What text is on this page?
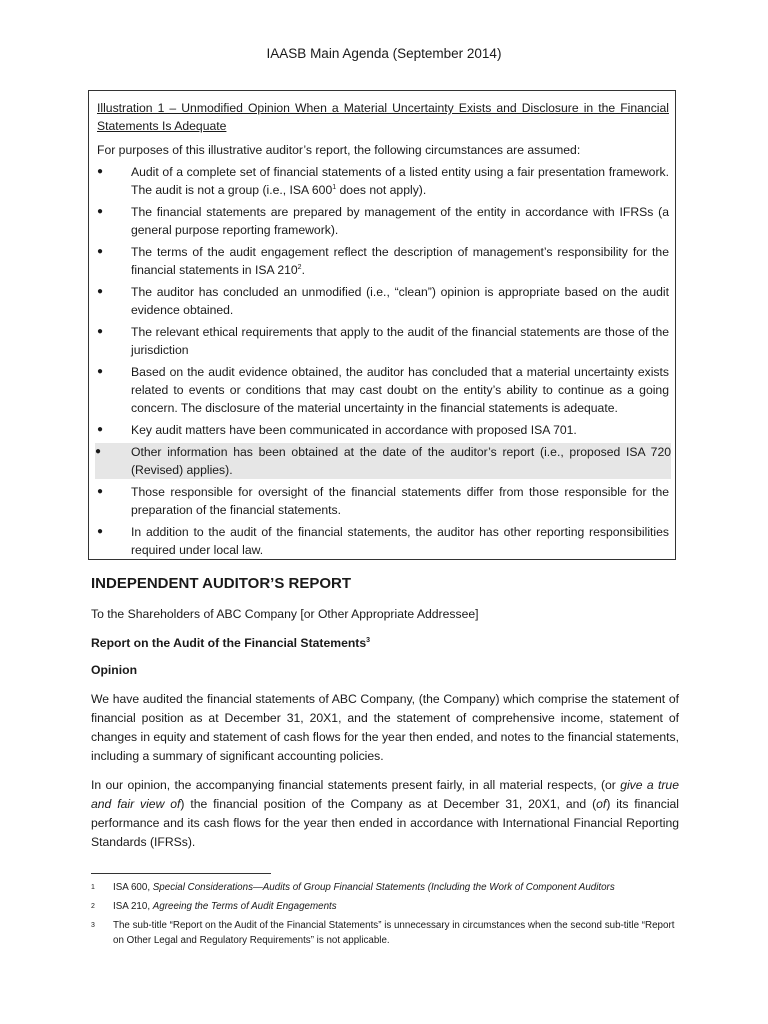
IAASB Main Agenda (September 2014)

Illustration 1 – Unmodified Opinion When a Material Uncertainty Exists and Disclosure in the Financial Statements Is Adequate

For purposes of this illustrative auditor’s report, the following circumstances are assumed:

● Audit of a complete set of financial statements of a listed entity using a fair presentation framework. The audit is not a group (i.e., ISA $600^1$ does not apply).
● The financial statements are prepared by management of the entity in accordance with IFRSs (a general purpose reporting framework).
● The terms of the audit engagement reflect the description of management’s responsibility for the financial statements in ISA $210^2$.
● The auditor has concluded an unmodified (i.e., “clean”) opinion is appropriate based on the audit evidence obtained.
● The relevant ethical requirements that apply to the audit of the financial statements are those of the jurisdiction
● Based on the audit evidence obtained, the auditor has concluded that a material uncertainty exists related to events or conditions that may cast doubt on the entity’s ability to continue as a going concern. The disclosure of the material uncertainty in the financial statements is adequate.
● Key audit matters have been communicated in accordance with proposed ISA 701.
● Other information has been obtained at the date of the auditor’s report (i.e., proposed ISA 720 (Revised) applies).
● Those responsible for oversight of the financial statements differ from those responsible for the preparation of the financial statements.
● In addition to the audit of the financial statements, the auditor has other reporting responsibilities required under local law.
INDEPENDENT AUDITOR’S REPORT

To the Shareholders of ABC Company [or Other Appropriate Addressee]

Report on the Audit of the Financial Statements$^3$

Opinion

We have audited the financial statements of ABC Company, (the Company) which comprise the statement of financial position as at December 31, 20X1, and the statement of comprehensive income, statement of changes in equity and statement of cash flows for the year then ended, and notes to the financial statements, including a summary of significant accounting policies.

In our opinion, the accompanying financial statements present fairly, in all material respects, (or give a true and fair view of) the financial position of the Company as at December 31, 20X1, and (of) its financial performance and its cash flows for the year then ended in accordance with International Financial Reporting Standards (IFRSs).

1 ISA 600, Special Considerations—Audits of Group Financial Statements (Including the Work of Component Auditors
2 ISA 210, Agreeing the Terms of Audit Engagements
3 The sub-title “Report on the Audit of the Financial Statements” is unnecessary in circumstances when the second sub-title “Report on Other Legal and Regulatory Requirements” is not applicable.
